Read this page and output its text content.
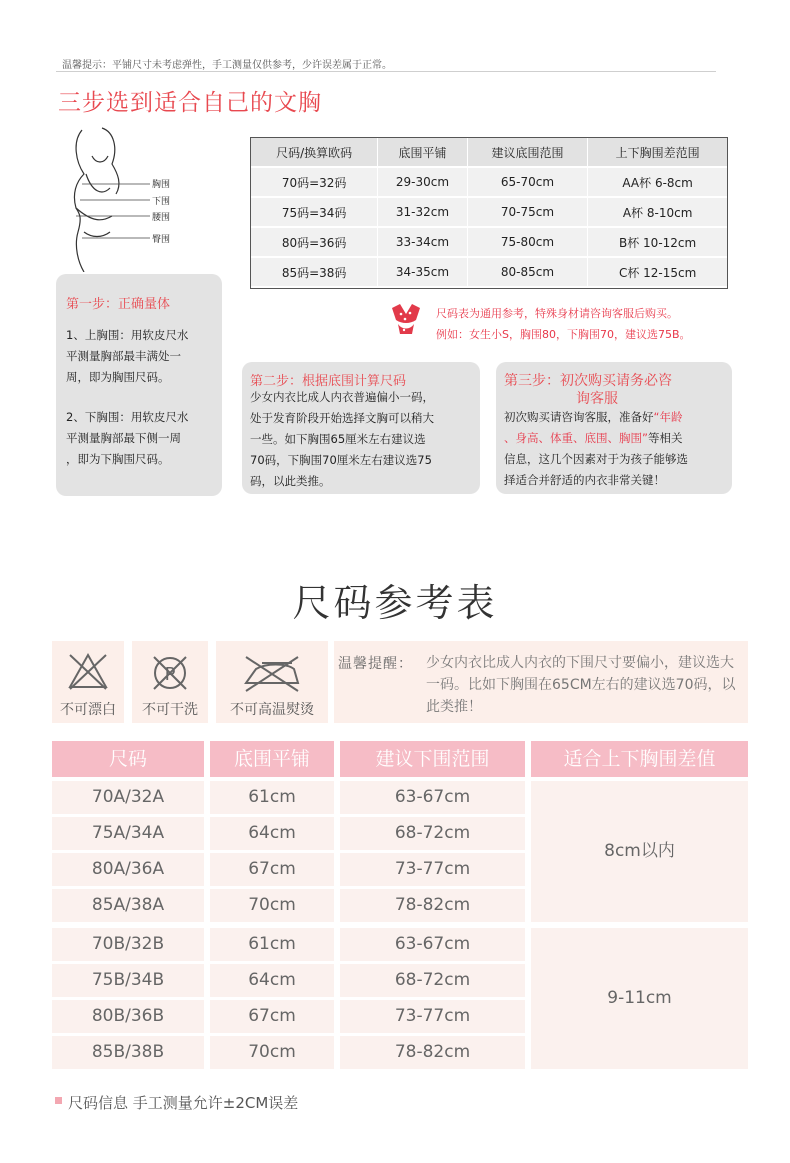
温馨提示：平铺尺寸未考虑弹性，手工测量仅供参考，少许误差属于正常。
三步选到适合自己的文胸
胸围
下围
腰围
臀围
尺码/换算欧码	底围平铺	建议底围范围	上下胸围差范围
70码=32码	29-30cm	65-70cm	AA杯 6-8cm
75码=34码	31-32cm	70-75cm	A杯 8-10cm
80码=36码	33-34cm	75-80cm	B杯 10-12cm
85码=38码	34-35cm	80-85cm	C杯 12-15cm
尺码表为通用参考，特殊身材请咨询客服后购买。
例如：女生小S，胸围80，下胸围70，建议选75B。
第一步：正确量体
1、上胸围：用软皮尺水
平测量胸部最丰满处一
周，即为胸围尺码。
2、下胸围：用软皮尺水
平测量胸部最下侧一周
，即为下胸围尺码。
第二步：根据底围计算尺码
少女内衣比成人内衣普遍偏小一码，
处于发育阶段开始选择文胸可以稍大
一些。如下胸围65厘米左右建议选
70码，下胸围70厘米左右建议选75
码，以此类推。
第三步：初次购买请务必咨
询客服
初次购买请咨询客服，准备好“年龄
、身高、体重、底围、胸围”等相关
信息，这几个因素对于为孩子能够选
择适合并舒适的内衣非常关键！
尺码参考表
不可漂白
P
不可干洗	不可高温熨烫
温馨提醒： 少女内衣比成人内衣的下围尺寸要偏小，建议选大一码。比如下胸围在65CM左右的建议选70码，以此类推！
尺码	底围平铺	建议下围范围	适合上下胸围差值
70A/32A	61cm	63-67cm
75A/34A	64cm	68-72cm
80A/36A	67cm	73-77cm
85A/38A	70cm	78-82cm
8cm以内
70B/32B	61cm	63-67cm
75B/34B	64cm	68-72cm
80B/36B	67cm	73-77cm
85B/38B	70cm	78-82cm
9-11cm
尺码信息 手工测量允许±2CM误差
